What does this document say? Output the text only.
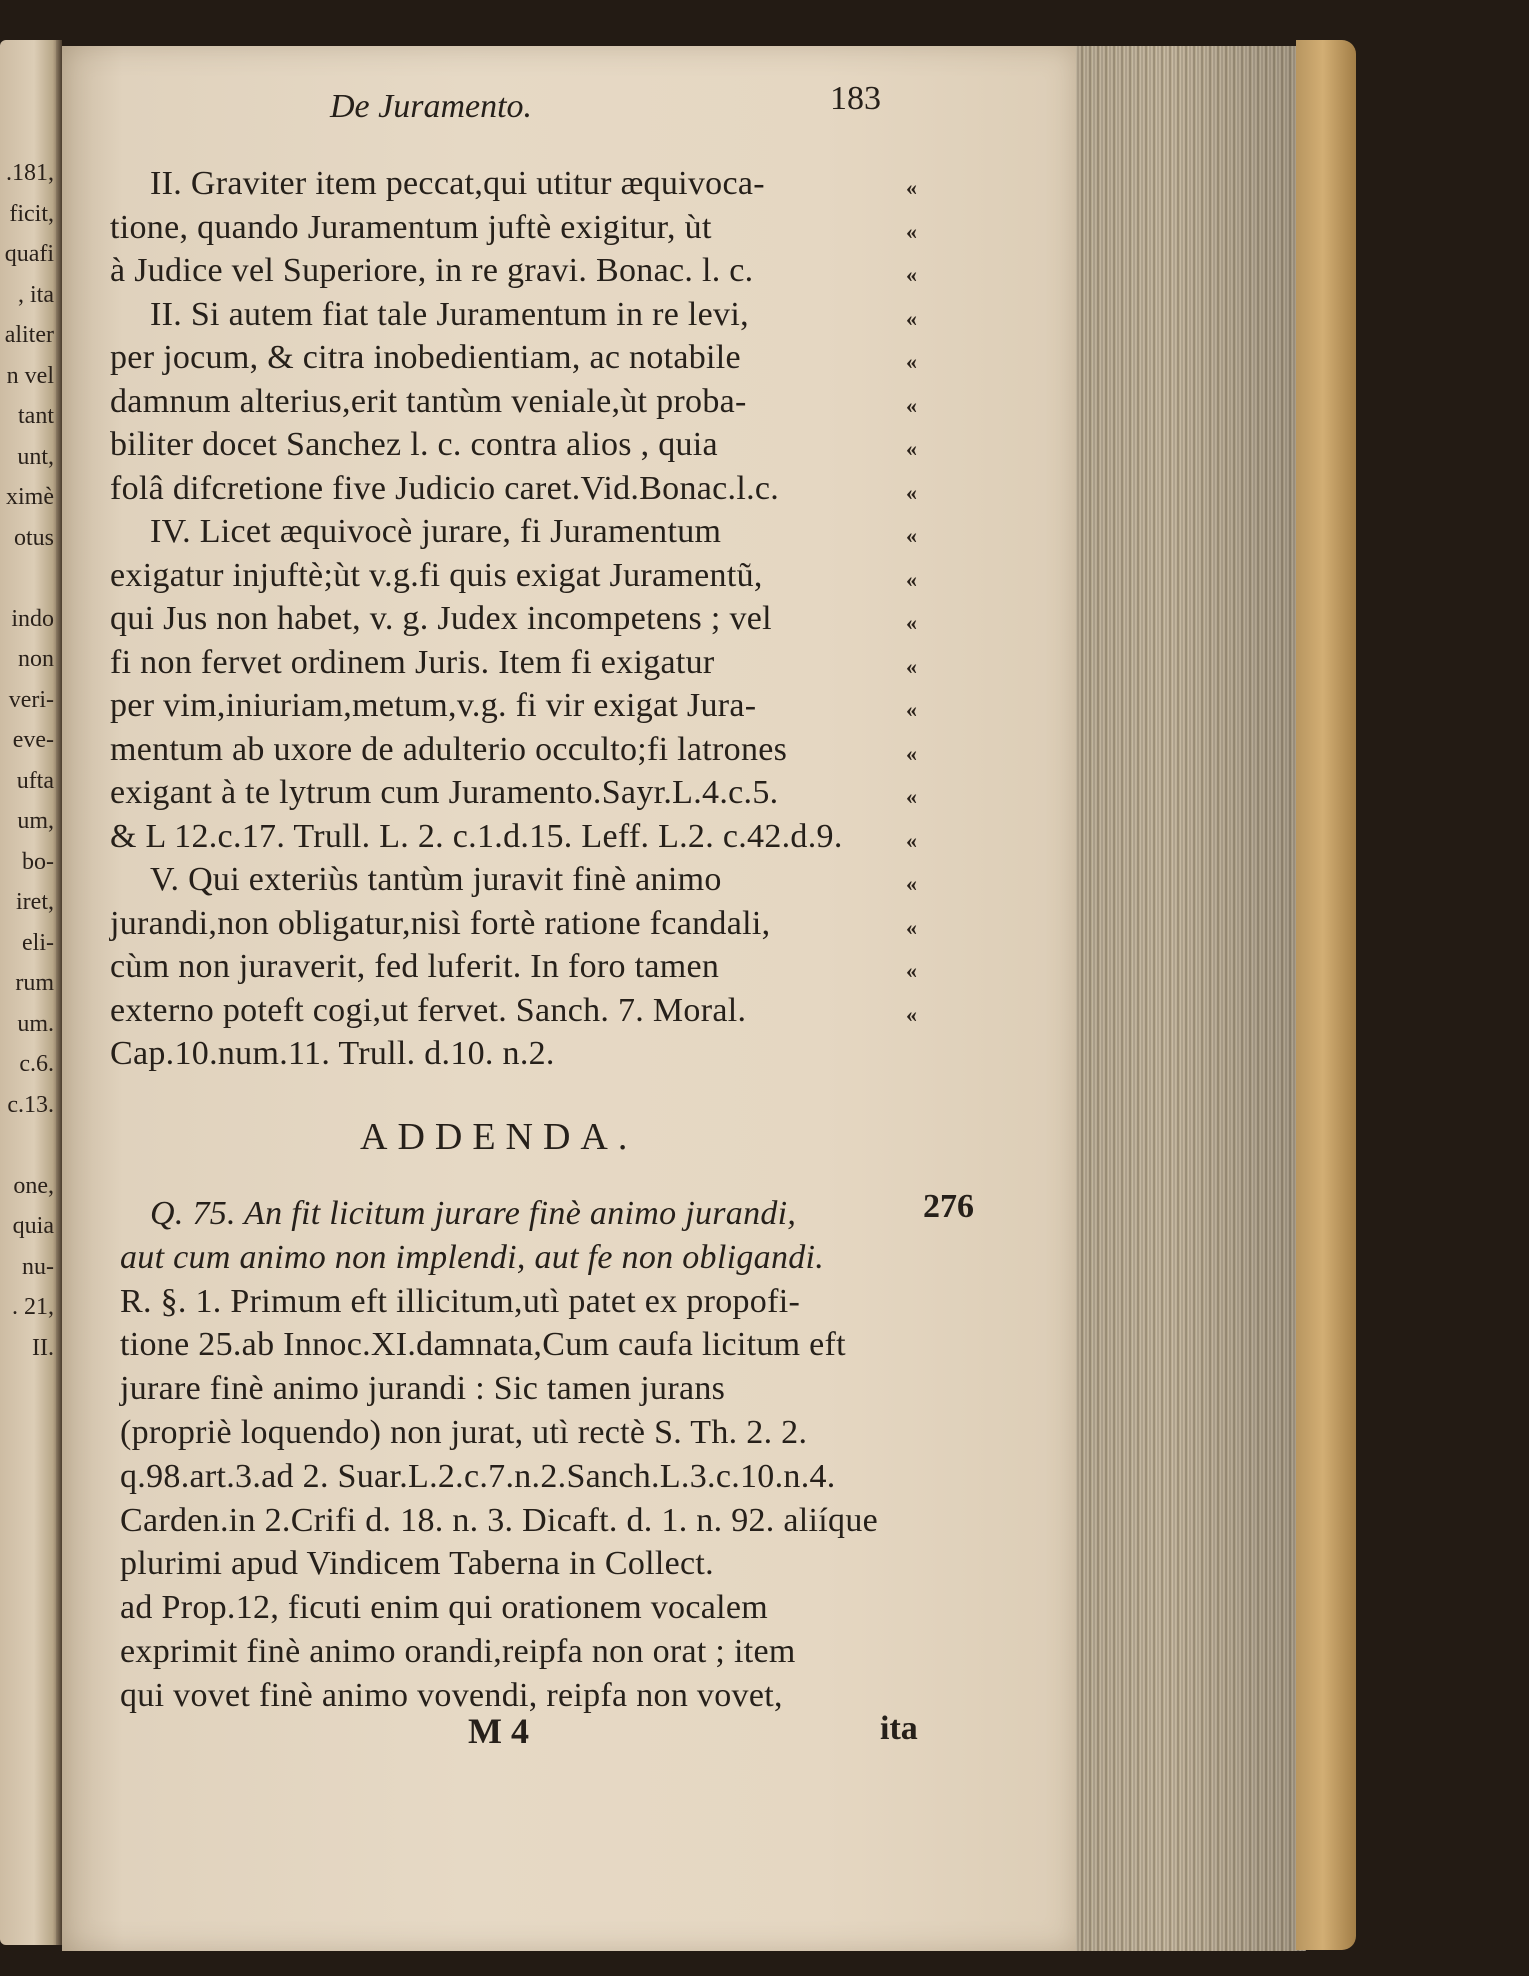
.181,
ficit,
quafi
, ita
aliter
n vel
tant
unt,
ximè
otus
indo
non
veri-
eve-
ufta
um,
bo-
iret,
eli-
rum
um.
c.6.
c.13.
one,
quia
nu-
. 21,
II.
De Juramento.	183
II. Graviter item peccat,qui utitur æquivoca-
tione, quando Juramentum juftè exigitur, ùt
à Judice vel Superiore, in re gravi. Bonac. l. c.
II. Si autem fiat tale Juramentum in re levi,
per jocum, & citra inobedientiam, ac notabile
damnum alterius,erit tantùm veniale,ùt proba-
biliter docet Sanchez l. c. contra alios , quia
folâ difcretione five Judicio caret.Vid.Bonac.l.c.
IV. Licet æquivocè jurare, fi Juramentum
exigatur injuftè;ùt v.g.fi quis exigat Juramentũ,
qui Jus non habet, v. g. Judex incompetens ; vel
fi non fervet ordinem Juris. Item fi exigatur
per vim,iniuriam,metum,v.g. fi vir exigat Jura-
mentum ab uxore de adulterio occulto;fi latrones
exigant à te lytrum cum Juramento.Sayr.L.4.c.5.
& L 12.c.17. Trull. L. 2. c.1.d.15. Leff. L.2. c.42.d.9.
V. Qui exteriùs tantùm juravit finè animo
jurandi,non obligatur,nisì fortè ratione fcandali,
cùm non juraverit, fed luferit. In foro tamen
externo poteft cogi,ut fervet. Sanch. 7. Moral.
Cap.10.num.11. Trull. d.10. n.2.
ADDENDA.
Q. 75. An fit licitum jurare finè animo jurandi,
aut cum animo non implendi, aut fe non obligandi.
R. §. 1. Primum eft illicitum,utì patet ex propofi-
tione 25.ab Innoc.XI.damnata,Cum caufa licitum eft
jurare finè animo jurandi : Sic tamen jurans
(propriè loquendo) non jurat, utì rectè S. Th. 2. 2.
q.98.art.3.ad 2. Suar.L.2.c.7.n.2.Sanch.L.3.c.10.n.4.
Carden.in 2.Crifi d. 18. n. 3. Dicaft. d. 1. n. 92. aliíque
plurimi apud Vindicem Taberna in Collect.
ad Prop.12, ficuti enim qui orationem vocalem
exprimit finè animo orandi,reipfa non orat ; item
qui vovet finè animo vovendi, reipfa non vovet,
276
M 4	ita
«
«
«
«
«
«
«
«
«
«
«
«
«
«
«
«
«
«
«
«
